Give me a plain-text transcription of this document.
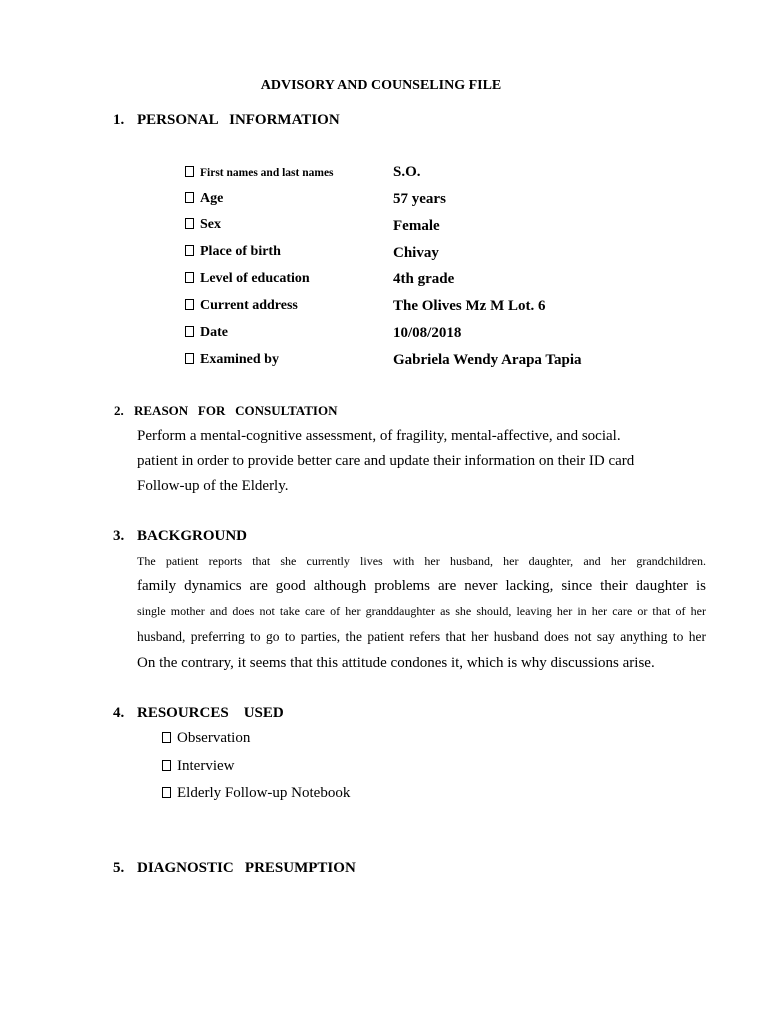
ADVISORY AND COUNSELING FILE
1. PERSONAL   INFORMATION
First names and last names	S.O.
Age	57 years
Sex	Female
Place of birth	Chivay
Level of education	4th grade
Current address	The Olives Mz M Lot. 6
Date	10/08/2018
Examined by	Gabriela Wendy Arapa Tapia
2. REASON   FOR   CONSULTATION
Perform a mental-cognitive assessment, of fragility, mental-affective, and social.
patient in order to provide better care and update their information on their ID card
Follow-up of the Elderly.
3. BACKGROUND
The patient reports that she currently lives with her husband, her daughter, and her grandchildren.
family dynamics are good although problems are never lacking, since their daughter is
single mother and does not take care of her granddaughter as she should, leaving her in her care or that of her
husband, preferring to go to parties, the patient refers that her husband does not say anything to her
On the contrary, it seems that this attitude condones it, which is why discussions arise.
4. RESOURCES    USED
Observation
Interview
Elderly Follow-up Notebook
5. DIAGNOSTIC   PRESUMPTION
